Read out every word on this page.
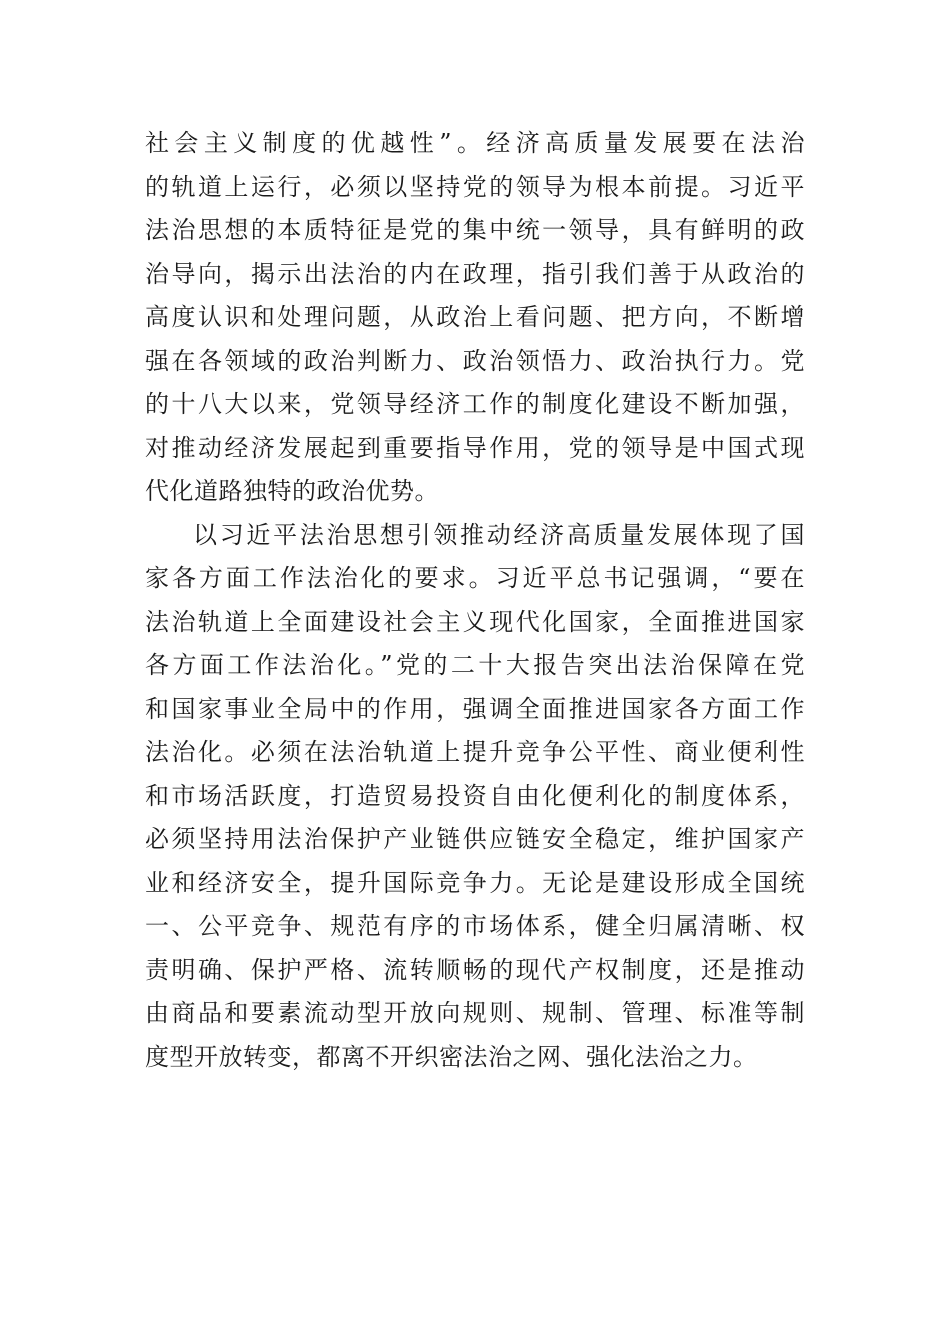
社会主义制度的优越性”。经济高质量发展要在法治
的轨道上运行，必须以坚持党的领导为根本前提。习近平
法治思想的本质特征是党的集中统一领导，具有鲜明的政
治导向，揭示出法治的内在政理，指引我们善于从政治的
高度认识和处理问题，从政治上看问题、把方向，不断增
强在各领域的政治判断力、政治领悟力、政治执行力。党
的十八大以来，党领导经济工作的制度化建设不断加强，
对推动经济发展起到重要指导作用，党的领导是中国式现
代化道路独特的政治优势。
以习近平法治思想引领推动经济高质量发展体现了国
家各方面工作法治化的要求。习近平总书记强调，“要在
法治轨道上全面建设社会主义现代化国家，全面推进国家
各方面工作法治化。”党的二十大报告突出法治保障在党
和国家事业全局中的作用，强调全面推进国家各方面工作
法治化。必须在法治轨道上提升竞争公平性、商业便利性
和市场活跃度，打造贸易投资自由化便利化的制度体系，
必须坚持用法治保护产业链供应链安全稳定，维护国家产
业和经济安全，提升国际竞争力。无论是建设形成全国统
一、公平竞争、规范有序的市场体系，健全归属清晰、权
责明确、保护严格、流转顺畅的现代产权制度，还是推动
由商品和要素流动型开放向规则、规制、管理、标准等制
度型开放转变，都离不开织密法治之网、强化法治之力。
